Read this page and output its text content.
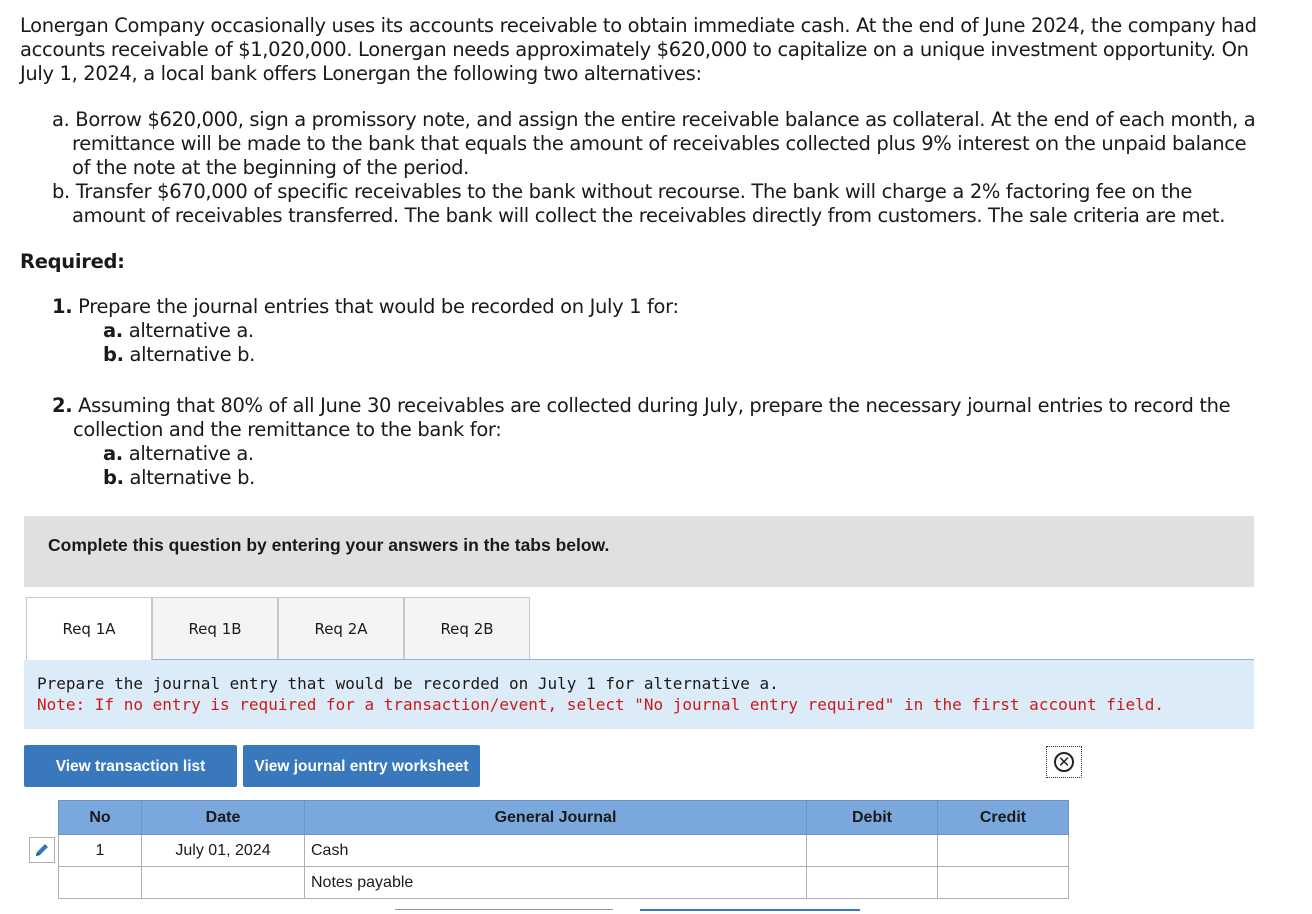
Lonergan Company occasionally uses its accounts receivable to obtain immediate cash. At the end of June 2024, the company had accounts receivable of $1,020,000. Lonergan needs approximately $620,000 to capitalize on a unique investment opportunity. On July 1, 2024, a local bank offers Lonergan the following two alternatives:

a. Borrow $620,000, sign a promissory note, and assign the entire receivable balance as collateral. At the end of each month, a remittance will be made to the bank that equals the amount of receivables collected plus 9% interest on the unpaid balance of the note at the beginning of the period.
b. Transfer $670,000 of specific receivables to the bank without recourse. The bank will charge a 2% factoring fee on the amount of receivables transferred. The bank will collect the receivables directly from customers. The sale criteria are met.

Required:

1. Prepare the journal entries that would be recorded on July 1 for:
a. alternative a.
b. alternative b.
2. Assuming that 80% of all June 30 receivables are collected during July, prepare the necessary journal entries to record the collection and the remittance to the bank for:
a. alternative a.
b. alternative b.
Complete this question by entering your answers in the tabs below.
Req 1A	Req 1B	Req 2A	Req 2B
Prepare the journal entry that would be recorded on July 1 for alternative a.
Note: If no entry is required for a transaction/event, select "No journal entry required" in the first account field.
View transaction list	View journal entry worksheet	✕
No	Date	General Journal	Debit	Credit
1	July 01, 2024	Cash		
		Notes payable		
